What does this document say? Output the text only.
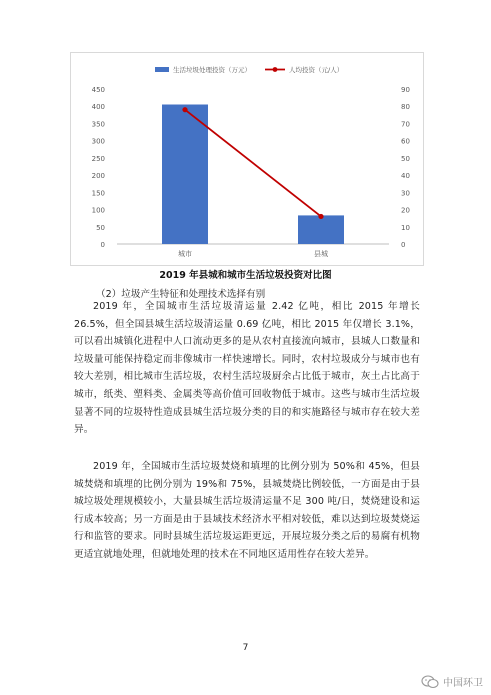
0
50
100
150
200
250
300
350
400
450
0
10
20
30
40
50
60
70
80
90
城市	县城
生活垃圾处理投资（万元）	人均投资（元/人）
2019 年县城和城市生活垃圾投资对比图
（2）垃圾产生特征和处理技术选择有别

2019 年，全国城市生活垃圾清运量 2.42 亿吨，相比 2015 年增长 26.5%，但全国县城生活垃圾清运量 0.69 亿吨，相比 2015 年仅增长 3.1%，可以看出城镇化进程中人口流动更多的是从农村直接流向城市，县城人口数量和垃圾量可能保持稳定而非像城市一样快速增长。同时，农村垃圾成分与城市也有较大差别，相比城市生活垃圾，农村生活垃圾厨余占比低于城市，灰土占比高于城市，纸类、塑料类、金属类等高价值可回收物低于城市。这些与城市生活垃圾显著不同的垃圾特性造成县城生活垃圾分类的目的和实施路径与城市存在较大差异。

2019 年，全国城市生活垃圾焚烧和填埋的比例分别为 50%和 45%，但县城焚烧和填埋的比例分别为 19%和 75%，县城焚烧比例较低，一方面是由于县城垃圾处理规模较小，大量县城生活垃圾清运量不足 300 吨/日，焚烧建设和运行成本较高；另一方面是由于县域技术经济水平相对较低，难以达到垃圾焚烧运行和监管的要求。同时县城生活垃圾运距更远，开展垃圾分类之后的易腐有机物更适宜就地处理，但就地处理的技术在不同地区适用性存在较大差异。

7
中国环卫
